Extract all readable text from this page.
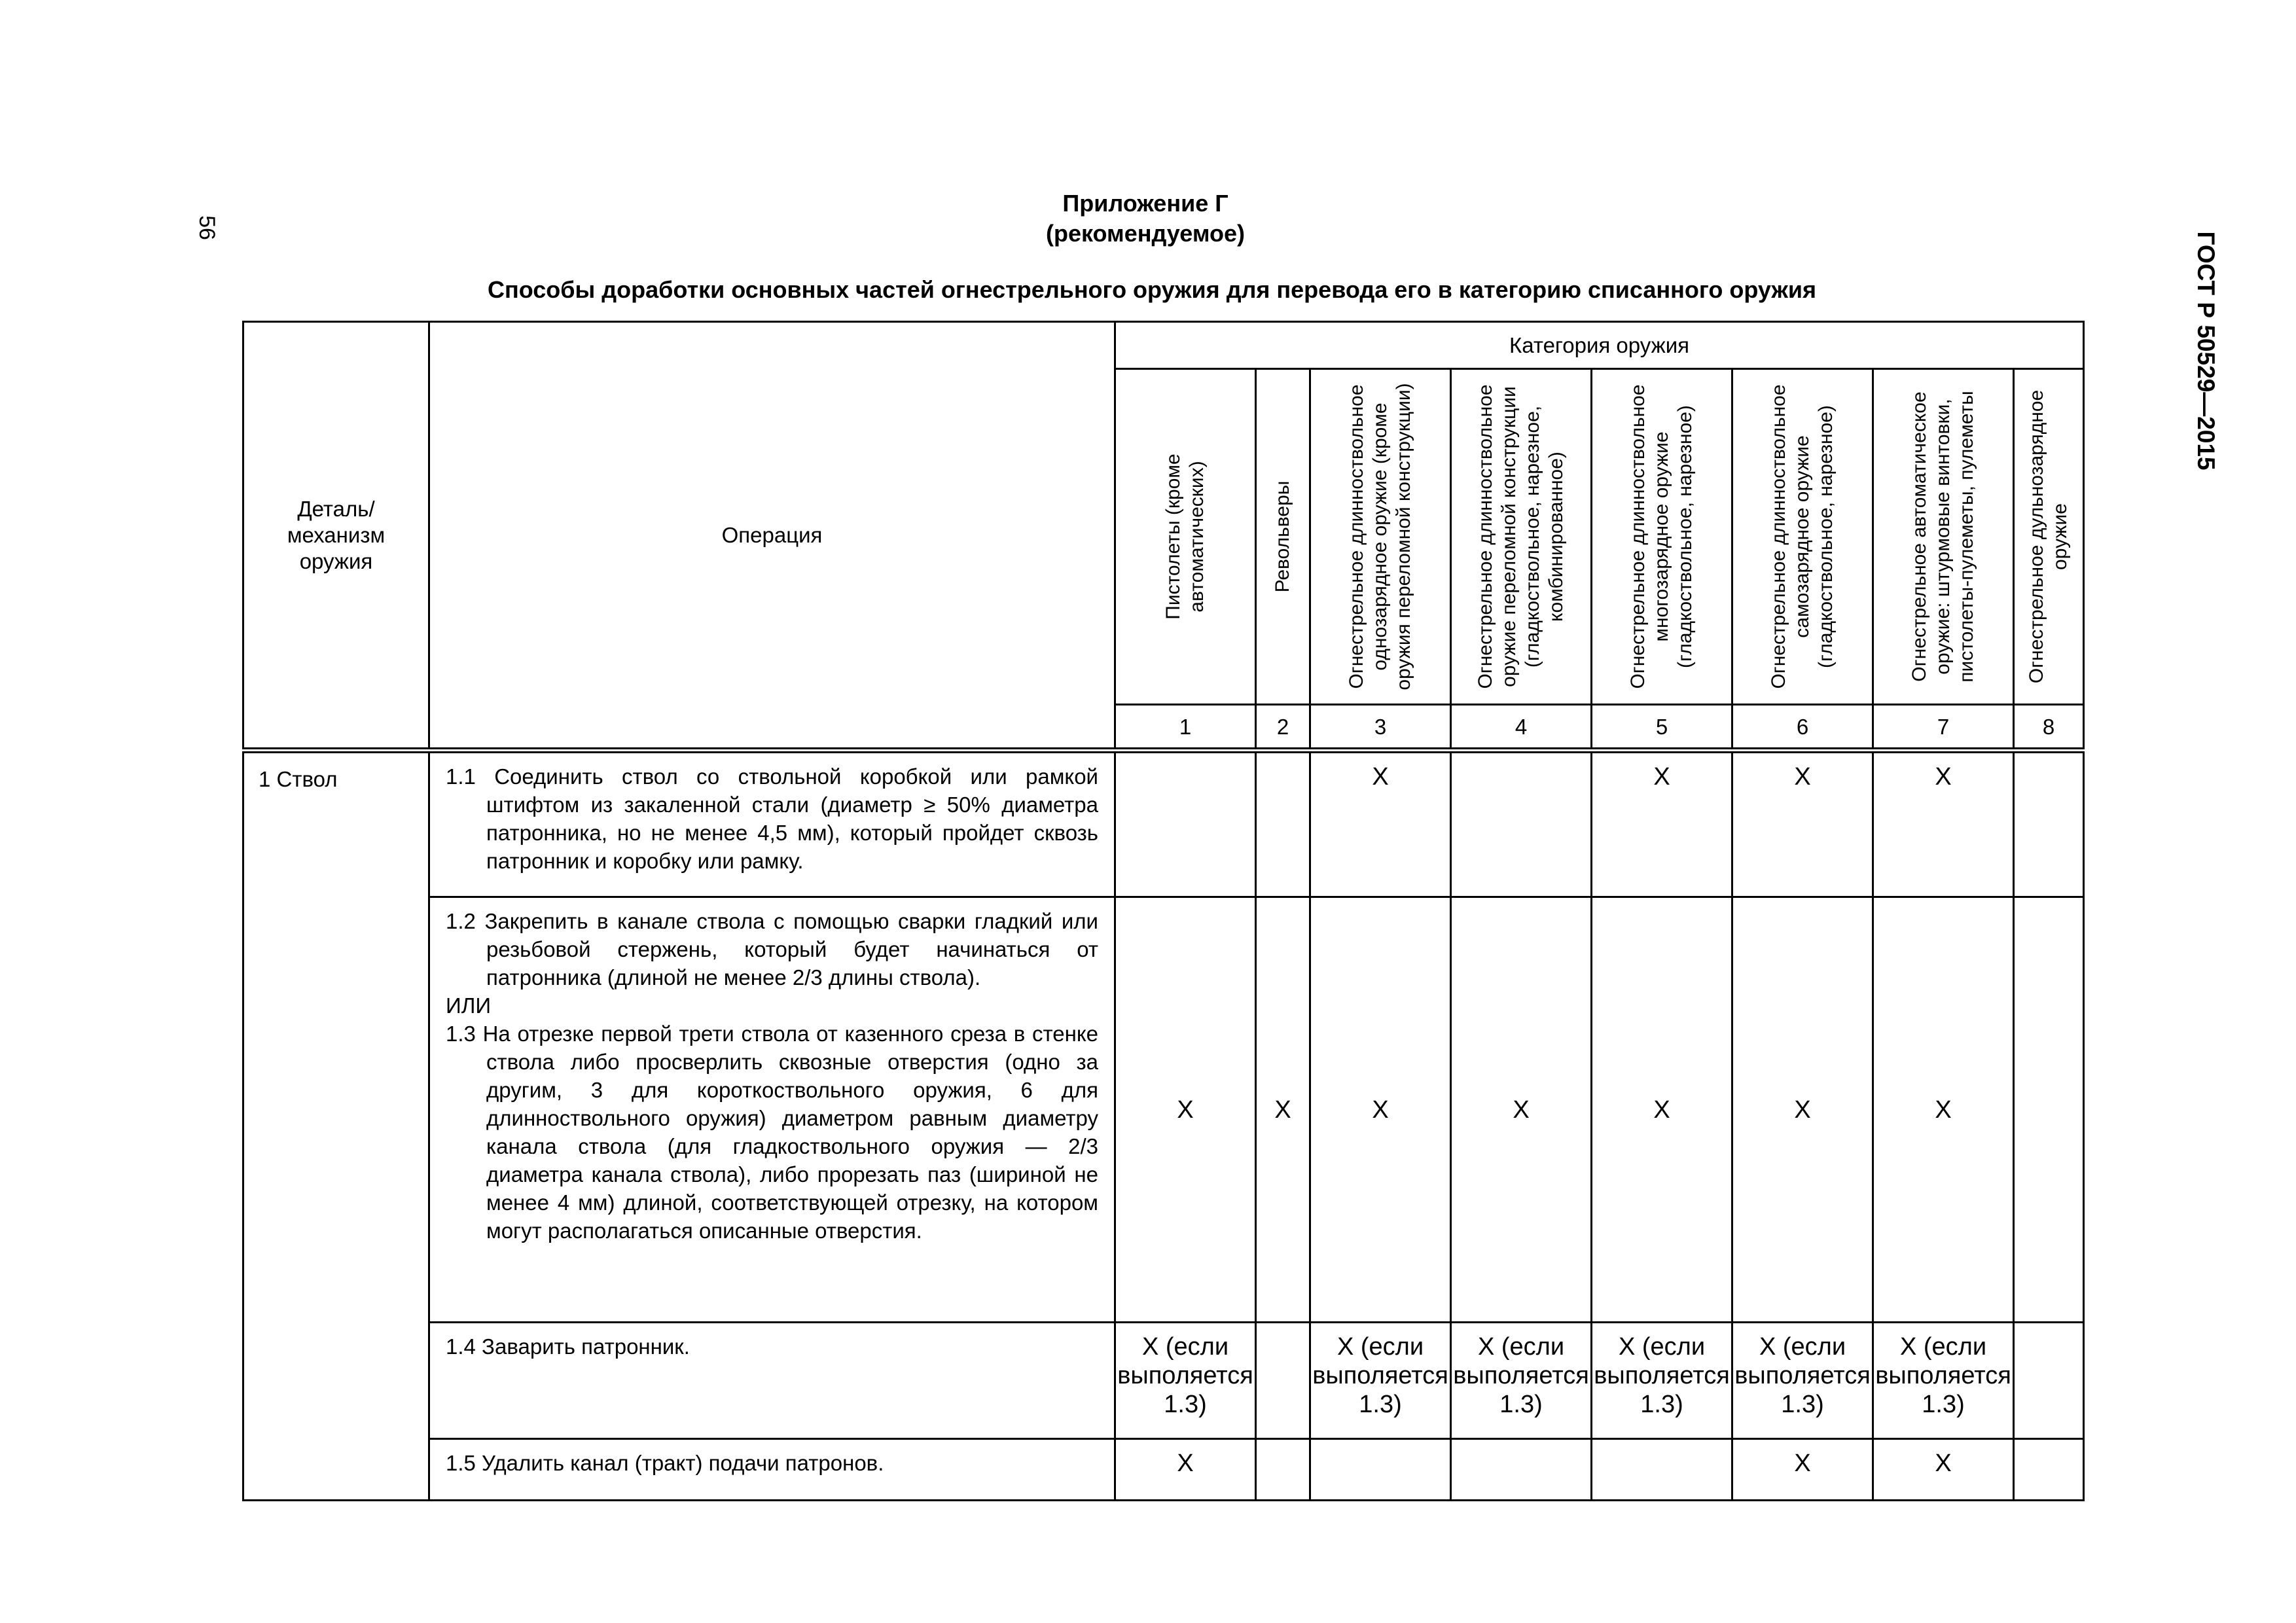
56
ГОСТ Р 50529—2015
Приложение Г
(рекомендуемое)
Способы доработки основных частей огнестрельного оружия для перевода его в категорию списанного оружия
Деталь/ механизм оружия	Операция	Категория оружия							

		Пистолеты (кроме автоматических)	Револьверы	Огнестрельное длинноствольное однозарядное оружие (кроме оружия переломной конструкции)	Огнестрельное длинноствольное оружие переломной конструкции (гладкоствольное, нарезное, комбинированное)	Огнестрельное длинноствольное многозарядное оружие (гладкоствольное, нарезное)	Огнестрельное длинноствольное самозарядное оружие (гладкоствольное, нарезное)	Огнестрельное автоматическое оружие: штурмовые винтовки, пистолеты-пулеметы, пулеметы	Огнестрельное дульнозарядное оружие

		1	2	3	4	5	6	7	8
1 Ствол	1.1 Соединить ствол со ствольной коробкой или рамкой штифтом из закаленной стали (диаметр ≥ 50% диаметра патронника, но не менее 4,5 мм), который пройдет сквозь патронник и коробку или рамку.			Х		Х	Х	Х	

	1.2 Закрепить в канале ствола с помощью сварки гладкий или резьбовой стержень, который будет начинаться от патронника (длиной не менее 2/3 длины ствола).
ИЛИ
1.3 На отрезке первой трети ствола от казенного среза в стенке ствола либо просверлить сквозные отверстия (одно за другим, 3 для короткоствольного оружия, 6 для длинноствольного оружия) диаметром равным диаметру канала ствола (для гладкоствольного оружия — 2/3 диаметра канала ствола), либо прорезать паз (шириной не менее 4 мм) длиной, соответствующей отрезку, на котором могут располагаться описанные отверстия.	Х	Х	Х	Х	Х	Х	Х	

	1.4 Заварить патронник.	Х (если выполяется 1.3)		Х (если выполяется 1.3)	Х (если выполяется 1.3)	Х (если выполяется 1.3)	Х (если выполяется 1.3)	Х (если выполяется 1.3)	

	1.5 Удалить канал (тракт) подачи патронов.	Х					Х	Х	
